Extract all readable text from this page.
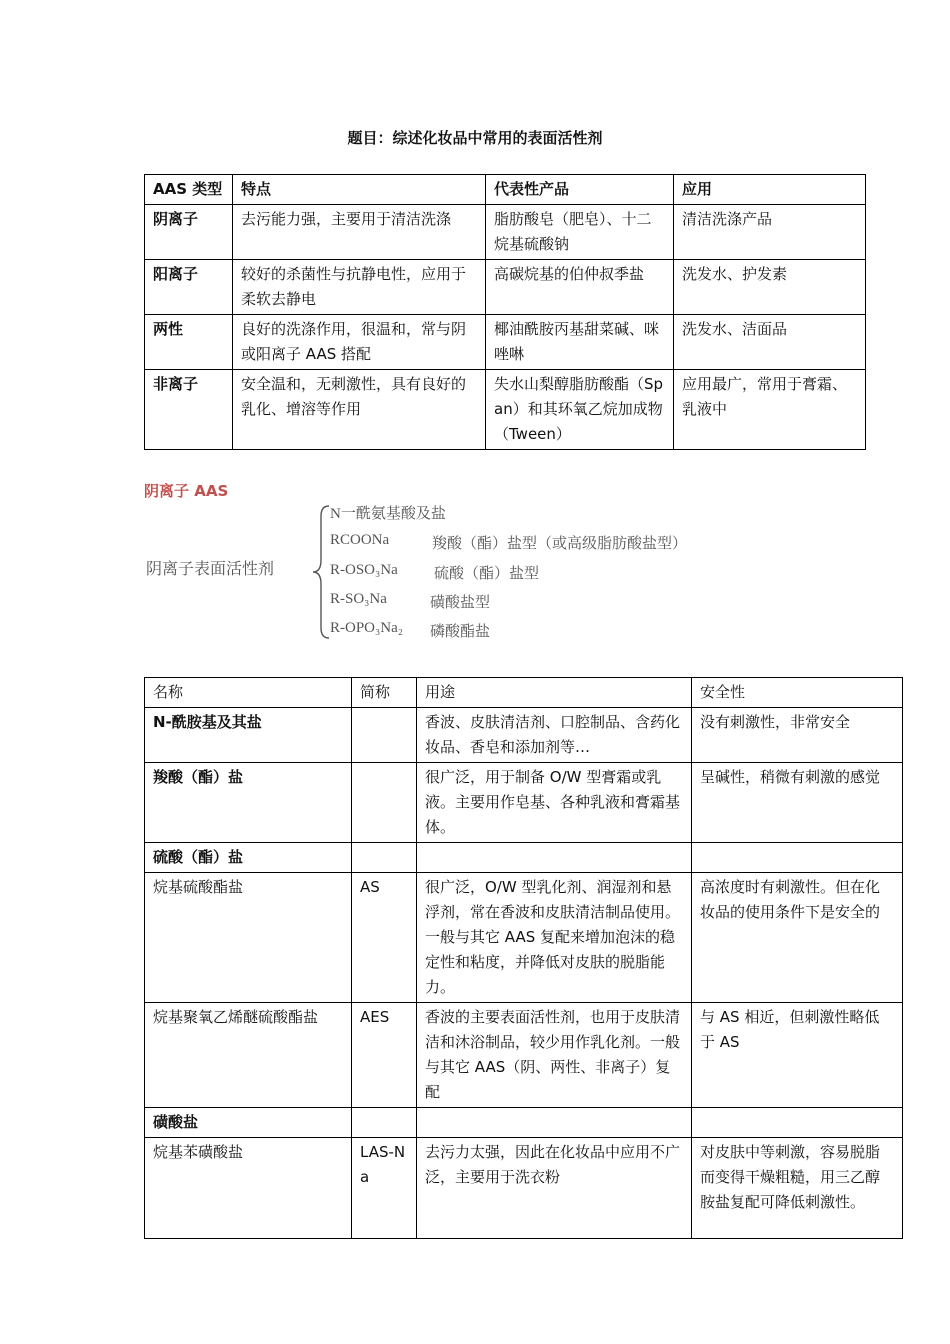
题目：综述化妆品中常用的表面活性剂
AAS 类型	特点	代表性产品	应用
阴离子	去污能力强，主要用于清洁洗涤	脂肪酸皂（肥皂）、十二烷基硫酸钠	清洁洗涤产品
阳离子	较好的杀菌性与抗静电性，应用于柔软去静电	高碳烷基的伯仲叔季盐	洗发水、护发素
两性	良好的洗涤作用，很温和，常与阴或阳离子 AAS 搭配	椰油酰胺丙基甜菜碱、咪唑啉	洗发水、洁面品
非离子	安全温和，无刺激性，具有良好的乳化、增溶等作用	失水山梨醇脂肪酸酯（Span）和其环氧乙烷加成物（Tween）	应用最广，常用于膏霜、乳液中
阴离子 AAS
阴离子表面活性剂
N一酰氨基酸及盐
RCOONa	羧酸（酯）盐型（或高级脂肪酸盐型）
R-OSO₃Na 硫酸（酯）盐型
R-SO₃Na	磺酸盐型
R-OPO₃Na₂ 磷酸酯盐
名称	简称	用途	安全性
N-酰胺基及其盐		香波、皮肤清洁剂、口腔制品、含药化妆品、香皂和添加剂等…	没有刺激性，非常安全
羧酸（酯）盐		很广泛，用于制备 O/W 型膏霜或乳液。主要用作皂基、各种乳液和膏霜基体。	呈碱性，稍微有刺激的感觉
硫酸（酯）盐			
烷基硫酸酯盐	AS	很广泛，O/W 型乳化剂、润湿剂和悬浮剂，常在香波和皮肤清洁制品使用。一般与其它 AAS 复配来增加泡沫的稳定性和粘度，并降低对皮肤的脱脂能力。	高浓度时有刺激性。但在化妆品的使用条件下是安全的
烷基聚氧乙烯醚硫酸酯盐	AES	香波的主要表面活性剂，也用于皮肤清洁和沐浴制品，较少用作乳化剂。一般与其它 AAS（阴、两性、非离子）复配	与 AS 相近，但刺激性略低于 AS
磺酸盐			
烷基苯磺酸盐	LAS-Na	去污力太强，因此在化妆品中应用不广泛，主要用于洗衣粉	对皮肤中等刺激，容易脱脂而变得干燥粗糙，用三乙醇胺盐复配可降低刺激性。
